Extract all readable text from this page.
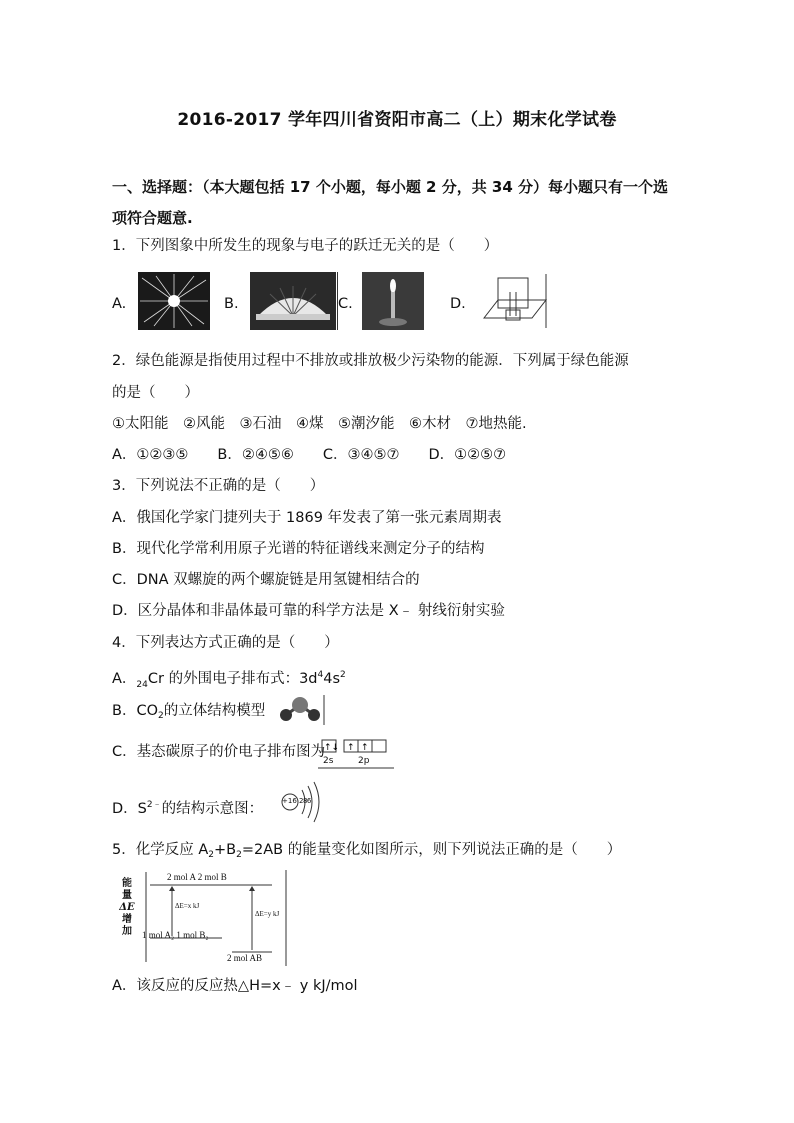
2016-2017 学年四川省资阳市高二（上）期末化学试卷
一、选择题：（本大题包括 17 个小题，每小题 2 分，共 34 分）每小题只有一个选
项符合题意.
1．下列图象中所发生的现象与电子的跃迁无关的是（　　）
A.	B.	C.	D.
2．绿色能源是指使用过程中不排放或排放极少污染物的能源．下列属于绿色能源
的是（　　）
①太阳能　②风能　③石油　④煤　⑤潮汐能　⑥木材　⑦地热能.
A．①②③⑤　　B．②④⑤⑥　　C．③④⑤⑦　　D．①②⑤⑦
3．下列说法不正确的是（　　）
A．俄国化学家门捷列夫于 1869 年发表了第一张元素周期表
B．现代化学常利用原子光谱的特征谱线来测定分子的结构
C．DNA 双螺旋的两个螺旋链是用氢键相结合的
D．区分晶体和非晶体最可靠的科学方法是 X﹣ 射线衍射实验
4．下列表达方式正确的是（　　）
A．$_{24}$Cr 的外围电子排布式：$3d^44s^2$
B．$CO_2$的立体结构模型
C．基态碳原子的价电子排布图为
↑↓ ↑ ↑
2s	2p
D．$S^{2﹣}$的结构示意图：	+16 286
5．化学反应 $A_2+B_2=2AB$ 的能量变化如图所示，则下列说法正确的是（　　）
能
量
ΔE
增
加
2 mol A 2 mol B
1 mol A₂ 1 mol B₂
2 mol AB
ΔE=x kJ
ΔE=y kJ
A．该反应的反应热△H=x﹣ y kJ/mol
